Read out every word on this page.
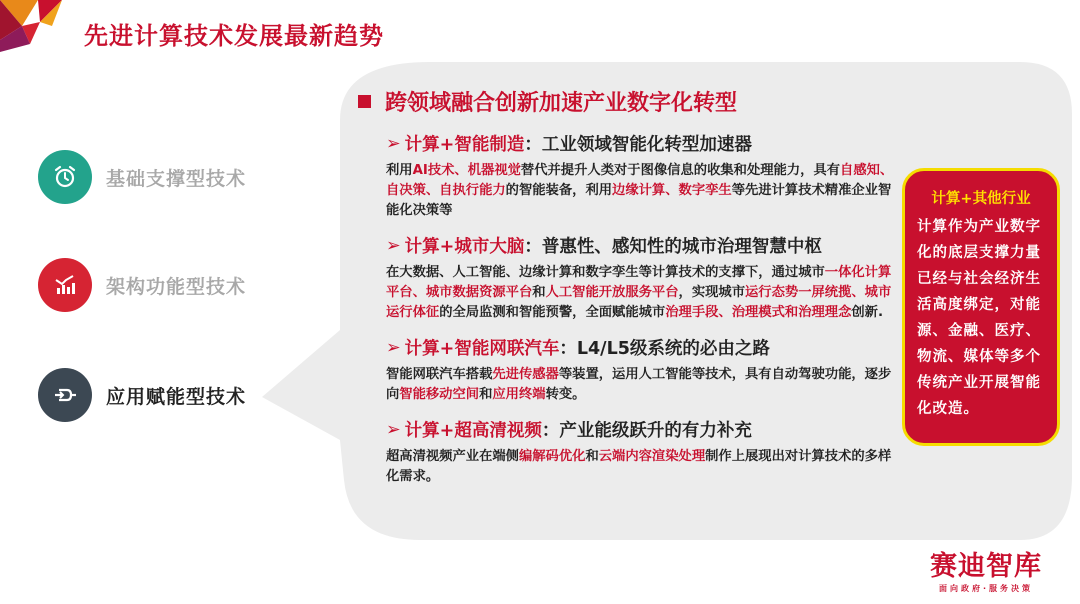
先进计算技术发展最新趋势
基础支撑型技术
架构功能型技术
应用赋能型技术
跨领域融合创新加速产业数字化转型
➢ 计算+智能制造 ：工业领域智能化转型加速器
利用AI技术、机器视觉替代并提升人类对于图像信息的收集和处理能力，具有自感知、自决策、自执行能力的智能装备，利用边缘计算、数字孪生等先进计算技术精准企业智能化决策等
➢ 计算+城市大脑 ：普惠性、感知性的城市治理智慧中枢
在大数据、人工智能、边缘计算和数字孪生等计算技术的支撑下，通过城市一体化计算平台、城市数据资源平台和人工智能开放服务平台，实现城市运行态势一屏统揽、城市运行体征的全局监测和智能预警，全面赋能城市治理手段、治理模式和治理理念创新.
➢ 计算+智能网联汽车 ：L4/L5级系统的必由之路
智能网联汽车搭载先进传感器等装置，运用人工智能等技术，具有自动驾驶功能，逐步向智能移动空间和应用终端转变。
➢ 计算+超高清视频 ：产业能级跃升的有力补充
超高清视频产业在端侧编解码优化和云端内容渲染处理制作上展现出对计算技术的多样化需求。
计算+其他行业
计算作为产业数字化的底层支撑力量已经与社会经济生活高度绑定，对能源、金融、医疗、物流、媒体等多个传统产业开展智能化改造。
赛迪智库
面向政府·服务决策
